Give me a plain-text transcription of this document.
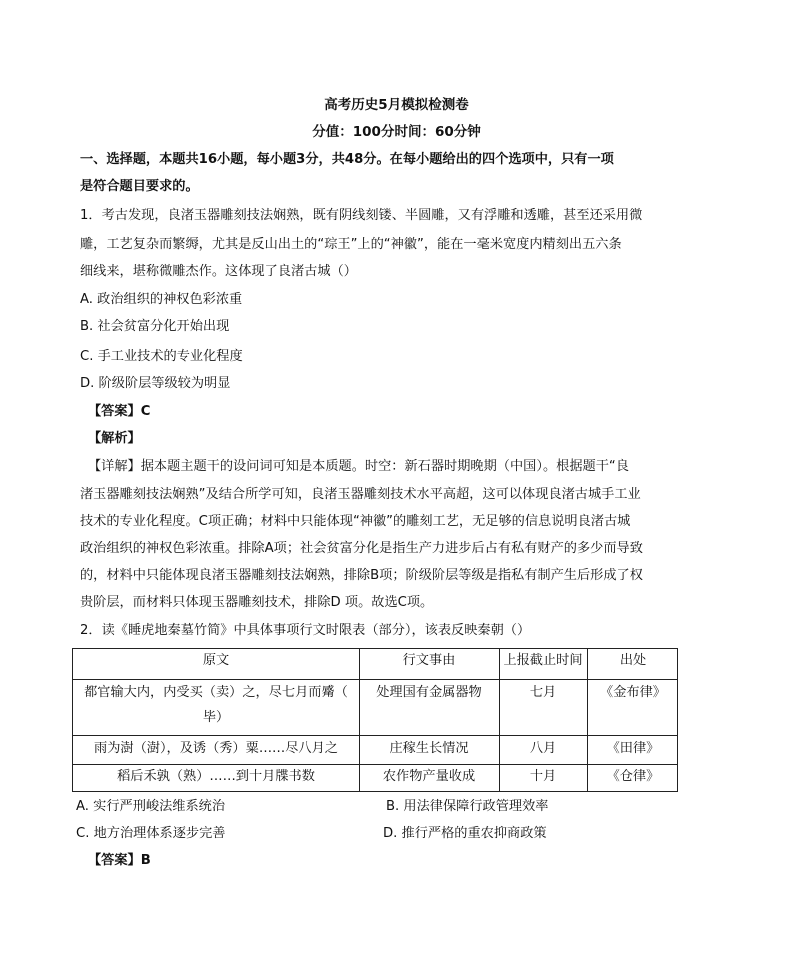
高考历史5月模拟检测卷
分值：100分时间：60分钟
一、选择题，本题共16小题，每小题3分，共48分。在每小题给出的四个选项中，只有一项
是符合题目要求的。
1．考古发现，良渚玉器雕刻技法娴熟，既有阴线刻镂、半圆雕，又有浮雕和透雕，甚至还采用微
雕，工艺复杂而繁缛，尤其是反山出土的“琮王”上的“神徽”，能在一毫米宽度内精刻出五六条
细线来，堪称微雕杰作。这体现了良渚古城（）
A. 政治组织的神权色彩浓重
B. 社会贫富分化开始出现
C. 手工业技术的专业化程度
D. 阶级阶层等级较为明显
【答案】C
【解析】
【详解】据本题主题干的设问词可知是本质题。时空：新石器时期晚期（中国）。根据题干“良
渚玉器雕刻技法娴熟”及结合所学可知，良渚玉器雕刻技术水平高超，这可以体现良渚古城手工业
技术的专业化程度。C项正确；材料中只能体现“神徽”的雕刻工艺，无足够的信息说明良渚古城
政治组织的神权色彩浓重。排除A项；社会贫富分化是指生产力进步后占有私有财产的多少而导致
的，材料中只能体现良渚玉器雕刻技法娴熟，排除B项；阶级阶层等级是指私有制产生后形成了权
贵阶层，而材料只体现玉器雕刻技术，排除D 项。故选C项。
2．读《睡虎地秦墓竹简》中具体事项行文时限表（部分），该表反映秦朝（）
原文	行文事由	上报截止时间	出处
都官输大内，内受买（卖）之，尽七月而觱（
毕）
处理国有金属器物	七月	《金布律》
雨为澍（澍），及诱（秀）粟……尽八月之	庄稼生长情况	八月	《田律》
稻后禾孰（熟）……到十月牒书数	农作物产量收成	十月	《仓律》
A. 实行严刑峻法维系统治	B. 用法律保障行政管理效率
C. 地方治理体系逐步完善	D. 推行严格的重农抑商政策
【答案】B
